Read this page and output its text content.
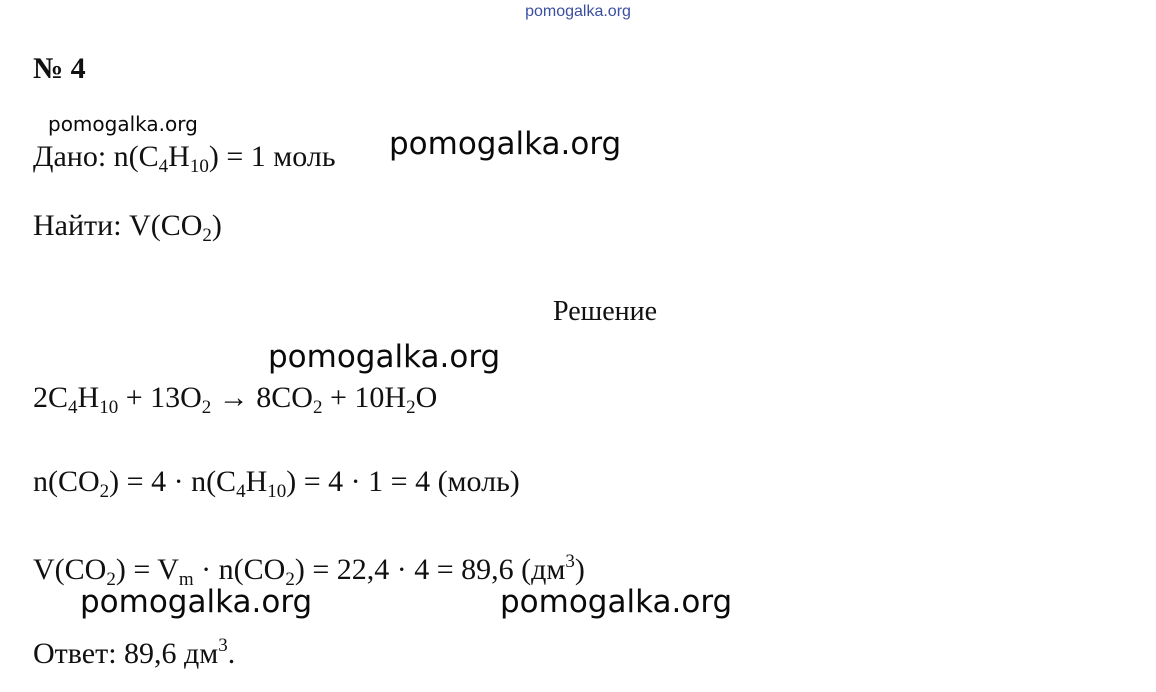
pomogalka.org
№ 4
pomogalka.org
Дано: $n(C_4H_{10}) = 1$ моль pomogalka.org
Найти: $V(CO_2)$
Решение
pomogalka.org
$2C_4H_{10} + 13O_2 \to 8CO_2 + 10H_2O$
$n(CO_2) = 4 \cdot n(C_4H_{10}) = 4 \cdot 1 = 4$ (моль)
$V(CO_2) = V_m \cdot n(CO_2) = 22,4 \cdot 4 = 89,6$ $(дм^3)$
pomogalka.org	pomogalka.org
Ответ: 89,6 $дм^3$.
